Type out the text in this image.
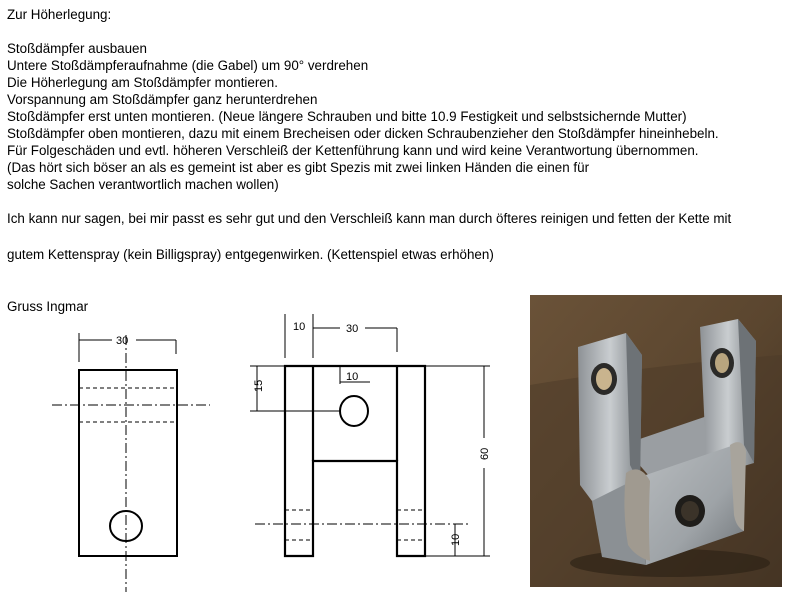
Zur Höherlegung:
Stoßdämpfer ausbauen
Untere Stoßdämpferaufnahme (die Gabel) um 90° verdrehen
Die Höherlegung am Stoßdämpfer montieren.
Vorspannung am Stoßdämpfer ganz herunterdrehen
Stoßdämpfer erst unten montieren. (Neue längere Schrauben und bitte 10.9 Festigkeit und selbstsichernde Mutter)
Stoßdämpfer oben montieren, dazu mit einem Brecheisen oder dicken Schraubenzieher den Stoßdämpfer hineinhebeln.
Für Folgeschäden und evtl. höheren Verschleiß der Kettenführung kann und wird keine Verantwortung übernommen.
(Das hört sich böser an als es gemeint ist aber es gibt Spezis mit zwei linken Händen die einen für
solche Sachen verantwortlich machen wollen)
Ich kann nur sagen, bei mir passt es sehr gut und den Verschleiß kann man durch öfteres reinigen und fetten der Kette mit
gutem Kettenspray (kein Billigspray) entgegenwirken. (Kettenspiel etwas erhöhen)
Gruss Ingmar
30
10	30
10
15
60
10
